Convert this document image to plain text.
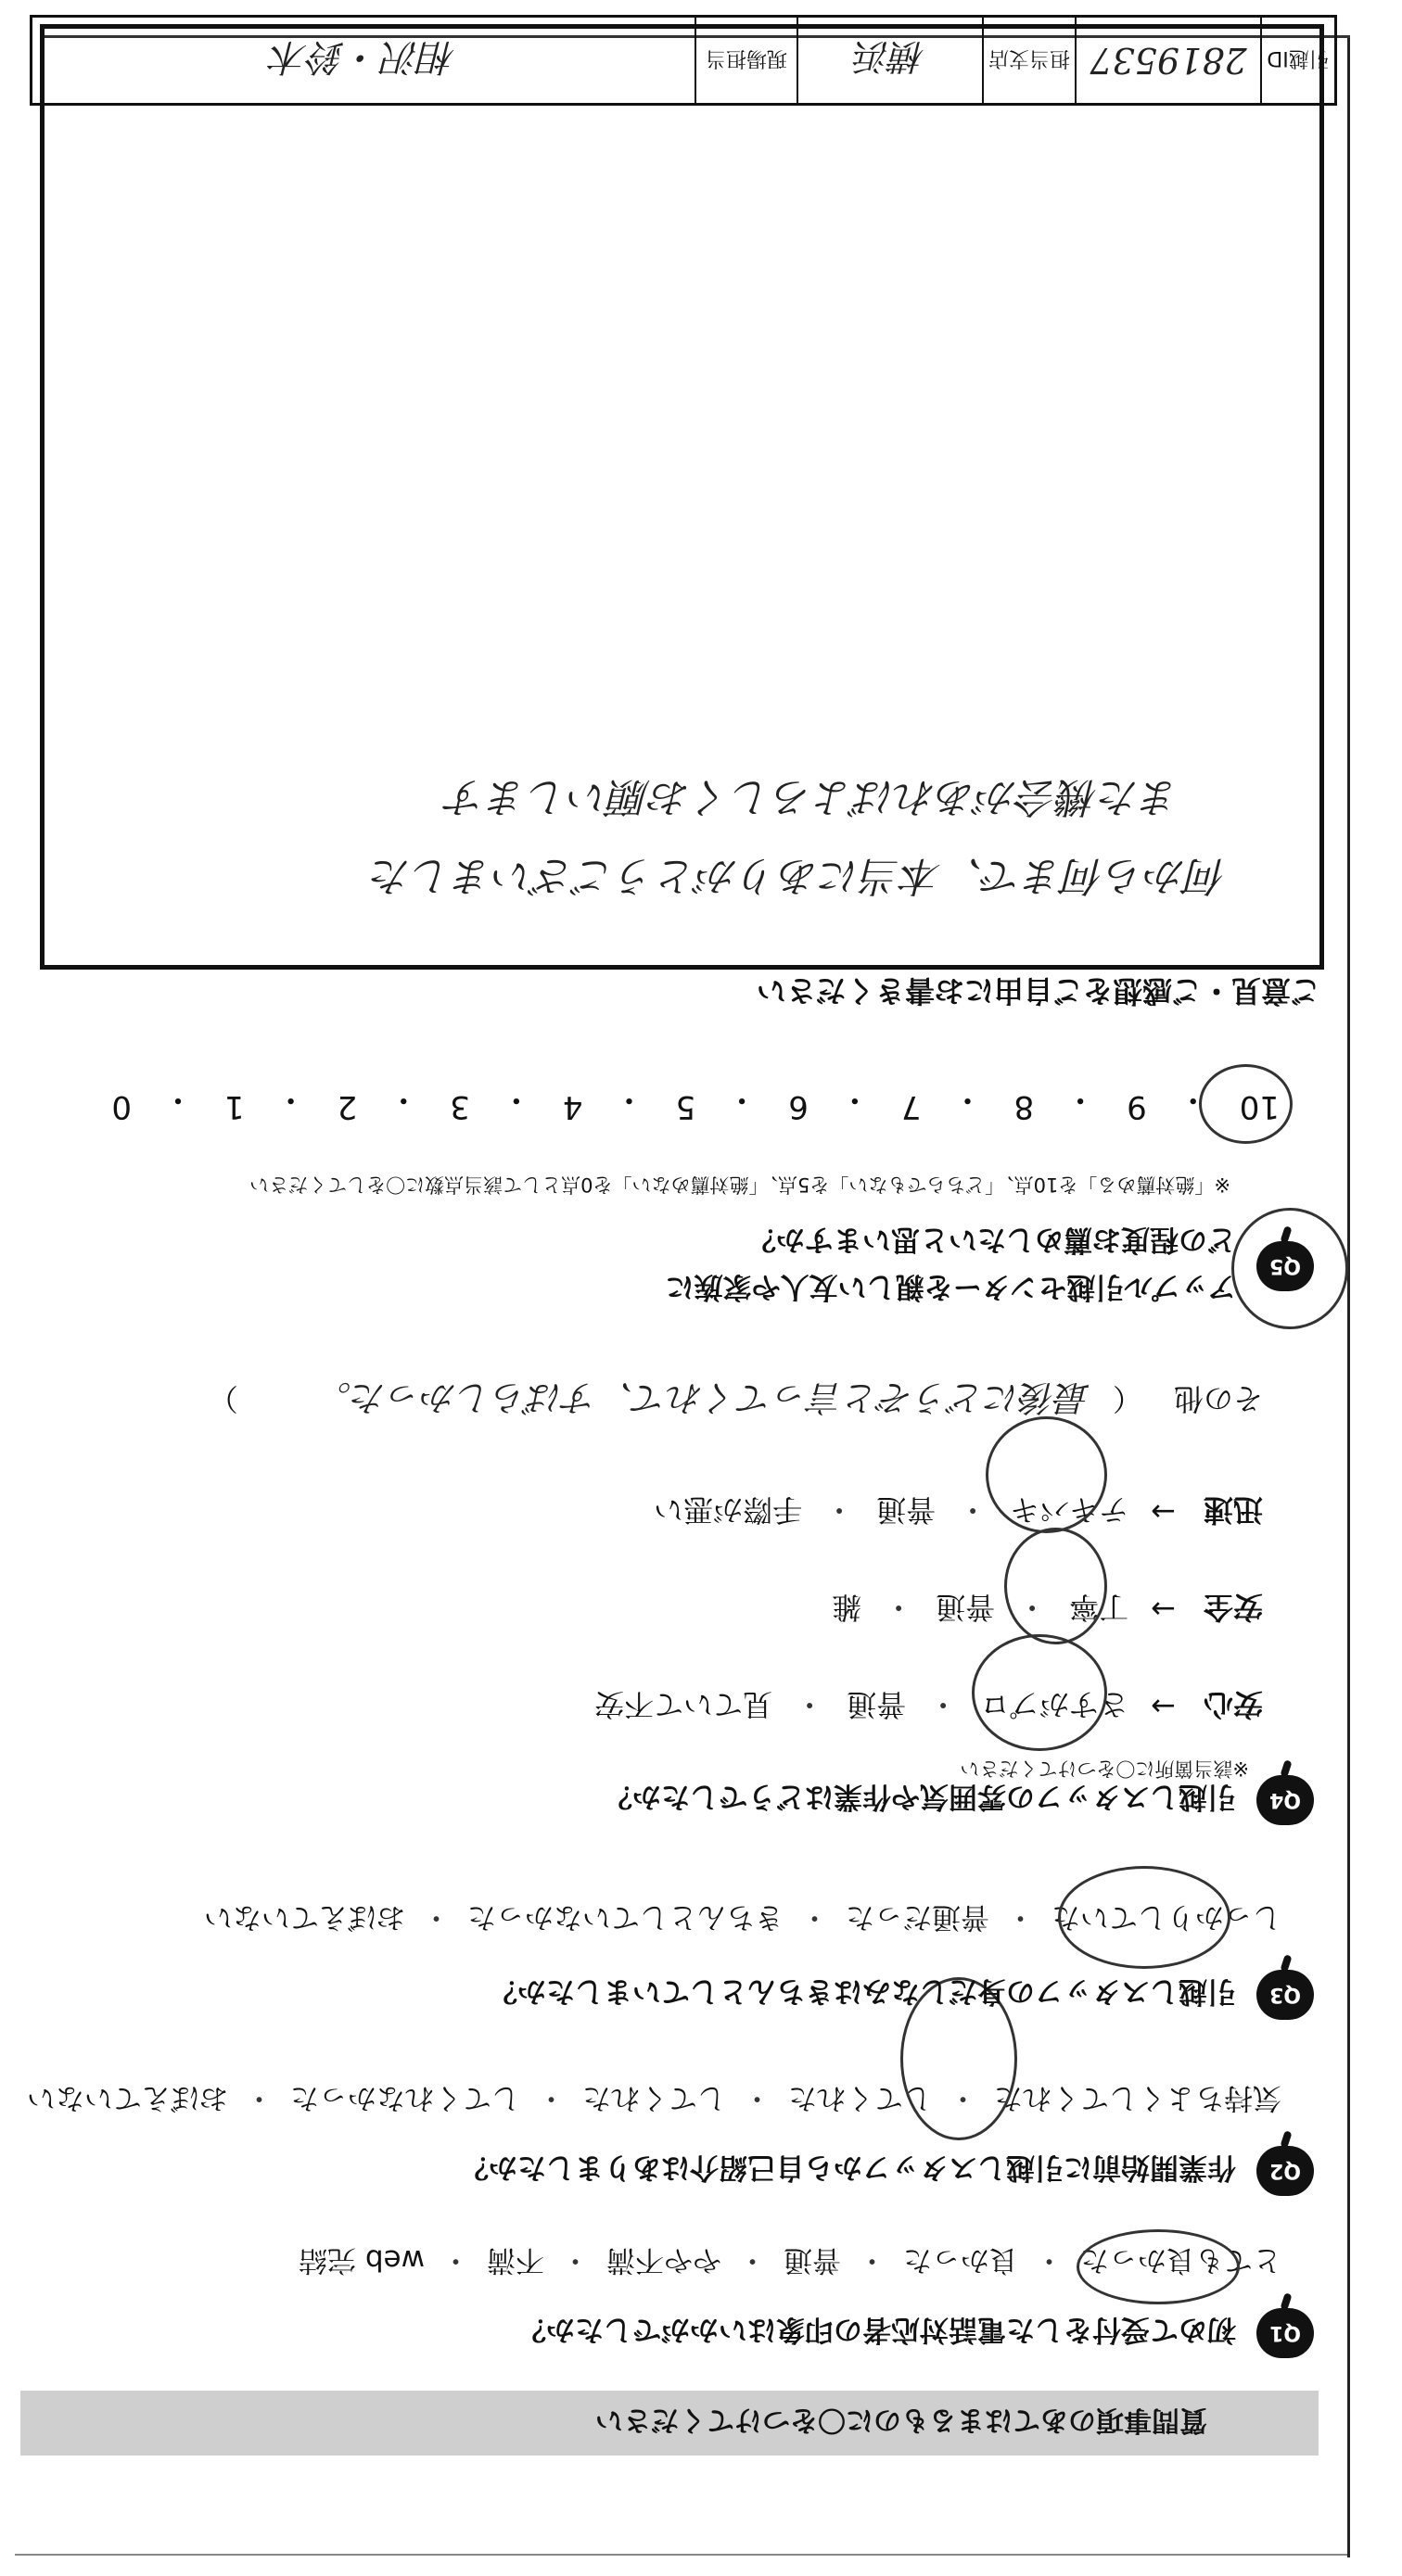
質問事項のあてはまるものに〇をつけてください
Q1
初めて受付をした電話対応者の印象はいかがでしたか？
とても良かった
・
良かった
・
普通
・
やや不満
・
不満
・
web 完結
Q2
作業開始前に引越しスタッフから自己紹介はありましたか？
気持ちよくしてくれた
・
してくれた
・
してくれた
・
してくれなかった
・
おぼえていない
Q3
引越しスタッフの身だしなみはきちんとしていましたか？
しっかりしていた
・
普通だった
・
きちんとしていなかった
・
おぼえていない
Q4
引越しスタッフの雰囲気や作業はどうでしたか？
※該当箇所に〇をつけてください
安心
→
さすがプロ
・
普通
・
見ていて不安
安全
→
丁寧
・
普通
・
雑
迅速
→
テキパキ
・
普通
・
手際が悪い
その他
（
最後にどうぞと言ってくれて、すばらしかった。
）
Q5
アップル引越センターを親しい友人や家族に
どの程度お薦めしたいと思いますか？
※「絶対薦める」を10点、「どちらでもない」を5点、「絶対薦めない」を0点として該当点数に〇をしてください
10
・
9
・
8
・
7
・
6
・
5
・
4
・
3
・
2
・
1
・
0
ご意見・ご感想をご自由にお書きください
何から何まで、本当にありがとうございました
また機会があればよろしくお願いします
引越ID
2819537
担当支店
横浜
現場担当
相沢・鈴木
